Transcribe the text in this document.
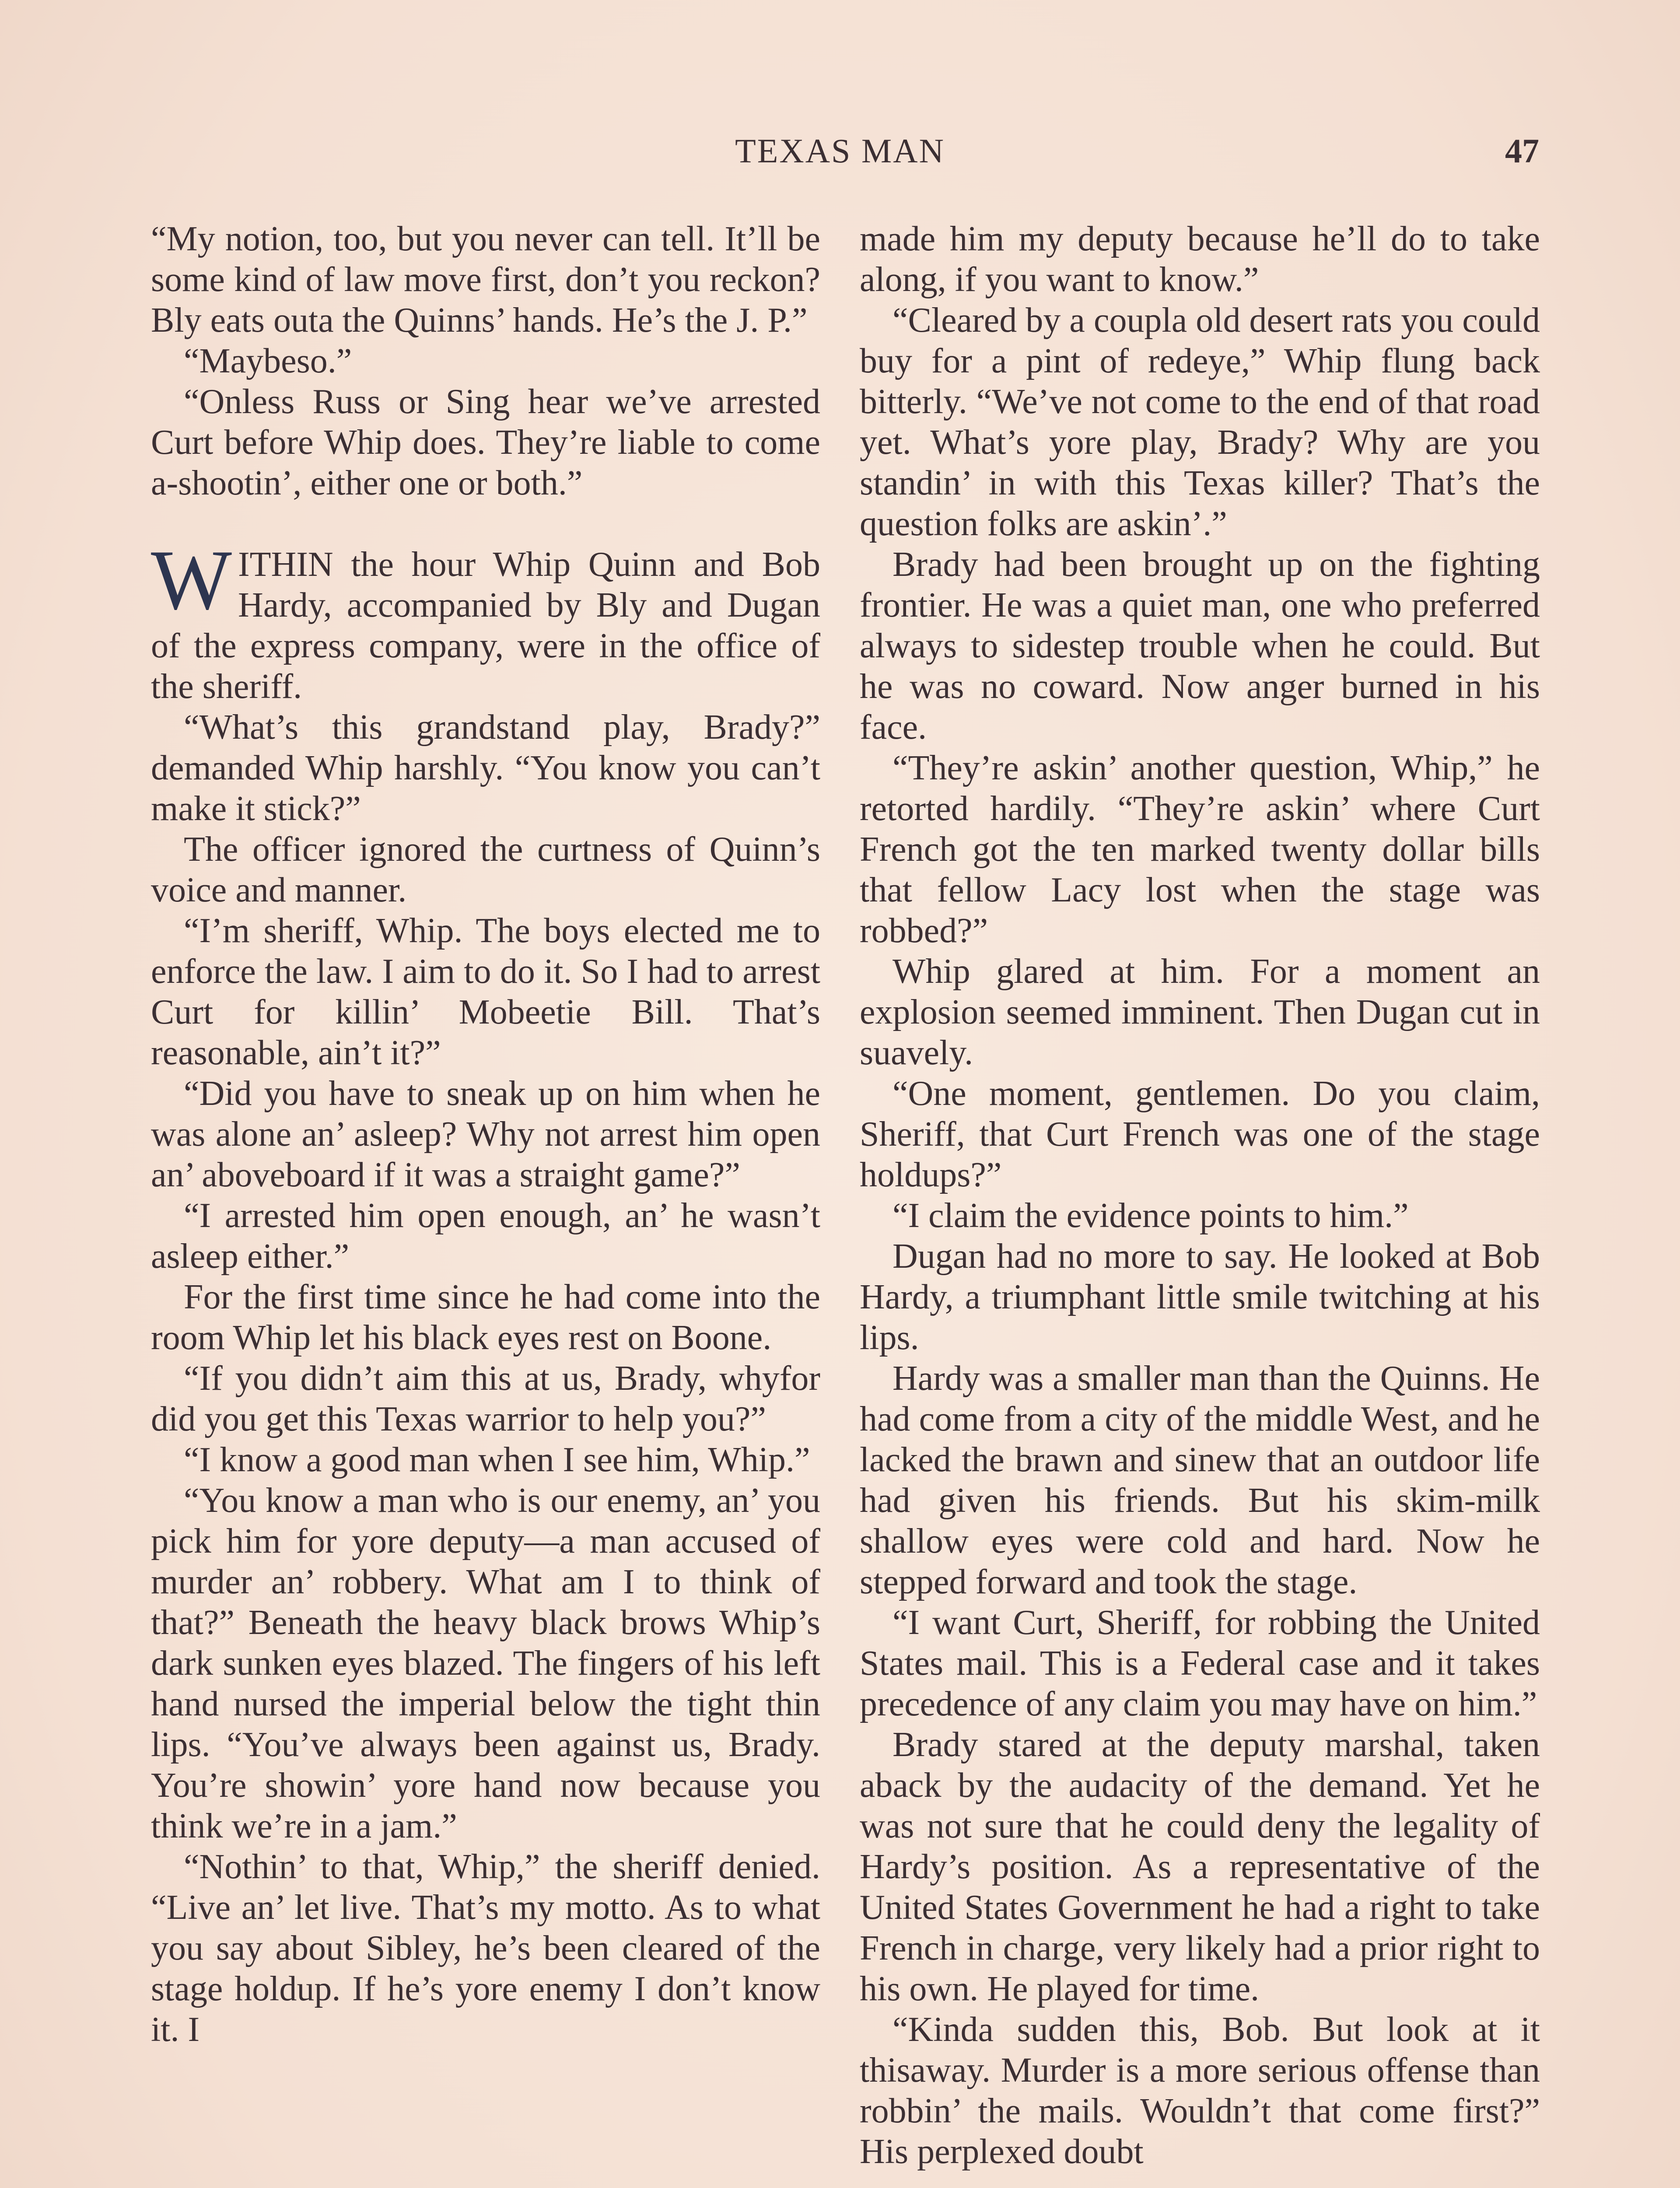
TEXAS MAN	47

“My notion, too, but you never can tell. It’ll be some kind of law move first, don’t you reckon? Bly eats outa the Quinns’ hands. He’s the J. P.”

“Maybeso.”

“Onless Russ or Sing hear we’ve arrested Curt before Whip does. They’re liable to come a-shootin’, either one or both.”

WITHIN the hour Whip Quinn and Bob Hardy, accompanied by Bly and Dugan of the express company, were in the office of the sheriff.

“What’s this grandstand play, Brady?” demanded Whip harshly. “You know you can’t make it stick?”

The officer ignored the curtness of Quinn’s voice and manner.

“I’m sheriff, Whip. The boys elected me to enforce the law. I aim to do it. So I had to arrest Curt for killin’ Mobeetie Bill. That’s reasonable, ain’t it?”

“Did you have to sneak up on him when he was alone an’ asleep? Why not arrest him open an’ aboveboard if it was a straight game?”

“I arrested him open enough, an’ he wasn’t asleep either.”

For the first time since he had come into the room Whip let his black eyes rest on Boone.

“If you didn’t aim this at us, Brady, whyfor did you get this Texas warrior to help you?”

“I know a good man when I see him, Whip.”

“You know a man who is our enemy, an’ you pick him for yore deputy—a man accused of murder an’ robbery. What am I to think of that?” Beneath the heavy black brows Whip’s dark sunken eyes blazed. The fingers of his left hand nursed the imperial below the tight thin lips. “You’ve always been against us, Brady. You’re showin’ yore hand now because you think we’re in a jam.”

“Nothin’ to that, Whip,” the sheriff denied. “Live an’ let live. That’s my motto. As to what you say about Sibley, he’s been cleared of the stage holdup. If he’s yore enemy I don’t know it. I

made him my deputy because he’ll do to take along, if you want to know.”

“Cleared by a coupla old desert rats you could buy for a pint of redeye,” Whip flung back bitterly. “We’ve not come to the end of that road yet. What’s yore play, Brady? Why are you standin’ in with this Texas killer? That’s the question folks are askin’.”

Brady had been brought up on the fighting frontier. He was a quiet man, one who preferred always to sidestep trouble when he could. But he was no coward. Now anger burned in his face.

“They’re askin’ another question, Whip,” he retorted hardily. “They’re askin’ where Curt French got the ten marked twenty dollar bills that fellow Lacy lost when the stage was robbed?”

Whip glared at him. For a moment an explosion seemed imminent. Then Dugan cut in suavely.

“One moment, gentlemen. Do you claim, Sheriff, that Curt French was one of the stage holdups?”

“I claim the evidence points to him.”

Dugan had no more to say. He looked at Bob Hardy, a triumphant little smile twitching at his lips.

Hardy was a smaller man than the Quinns. He had come from a city of the middle West, and he lacked the brawn and sinew that an outdoor life had given his friends. But his skim-milk shallow eyes were cold and hard. Now he stepped forward and took the stage.

“I want Curt, Sheriff, for robbing the United States mail. This is a Federal case and it takes precedence of any claim you may have on him.”

Brady stared at the deputy marshal, taken aback by the audacity of the demand. Yet he was not sure that he could deny the legality of Hardy’s position. As a representative of the United States Government he had a right to take French in charge, very likely had a prior right to his own. He played for time.

“Kinda sudden this, Bob. But look at it thisaway. Murder is a more serious offense than robbin’ the mails. Wouldn’t that come first?” His perplexed doubt
